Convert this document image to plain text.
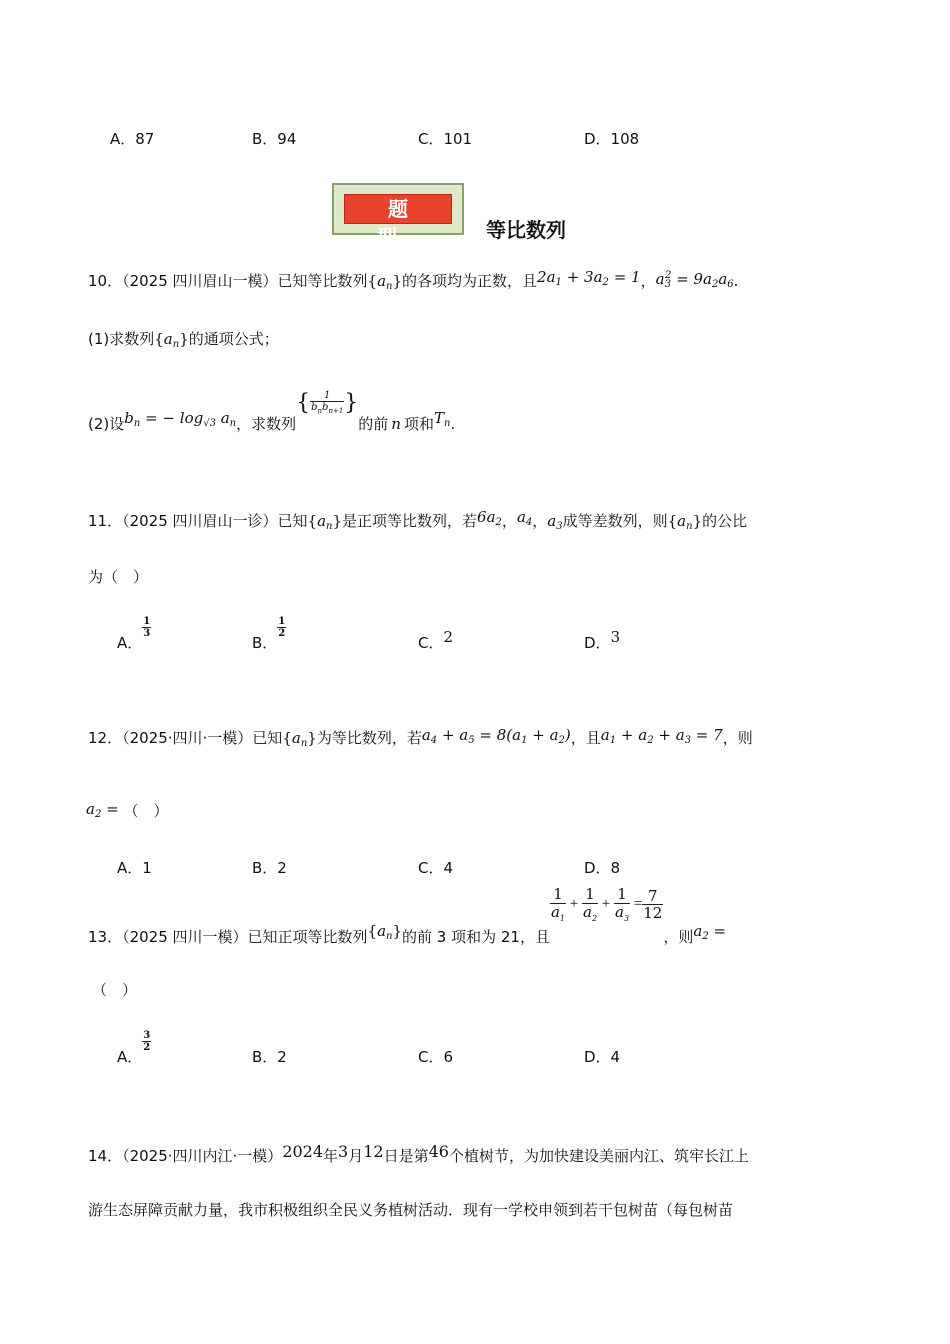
A．87	B．94	C．101	D．108
题 型	等比数列
10．（2025 四川眉山一模）已知等比数列$\{a_n\}$的各项均为正数，且$2a_1 + 3a_2 = 1$，$a_3^2 = 9a_2a_6$.
(1)求数列$\{a_n\}$的通项公式；
(2)设$b_n$ = − $\log_{√3} a_n$，求数列{ $\frac{1}{b_nb_{n+1}}$ }的前 n 项和$T_n$.
11．（2025 四川眉山一诊）已知$\{a_n\}$是正项等比数列，若$6a_2$，$a_4$，$a_3$成等差数列，则$\{a_n\}$的公比
为（　）
A．
$\frac{1}{3}$
B．
$\frac{1}{2}$
C．2	D．3
12．（2025·四川·一模）已知$\{a_n\}$为等比数列，若$a_4 + a_5 = 8(a_1 + a_2)$，且$a_1 + a_2 + a_3 = 7$，则
$a_2$ = （　）
A．1	B．2	C．4	D．8
13．（2025 四川一模）已知正项等比数列$\{a_n\}$的前 3 项和为 21，且
$\frac{1}{a_1} + \frac{1}{a_2} + \frac{1}{a_3} = \frac{7}{12}$
，则$a_2$ =
（　）
A．
$\frac{3}{2}$
B．2	C．6	D．4
14．（2025·四川内江·一模）2024年3月12日是第46个植树节，为加快建设美丽内江、筑牢长江上
游生态屏障贡献力量，我市积极组织全民义务植树活动．现有一学校申领到若干包树苗（每包树苗
